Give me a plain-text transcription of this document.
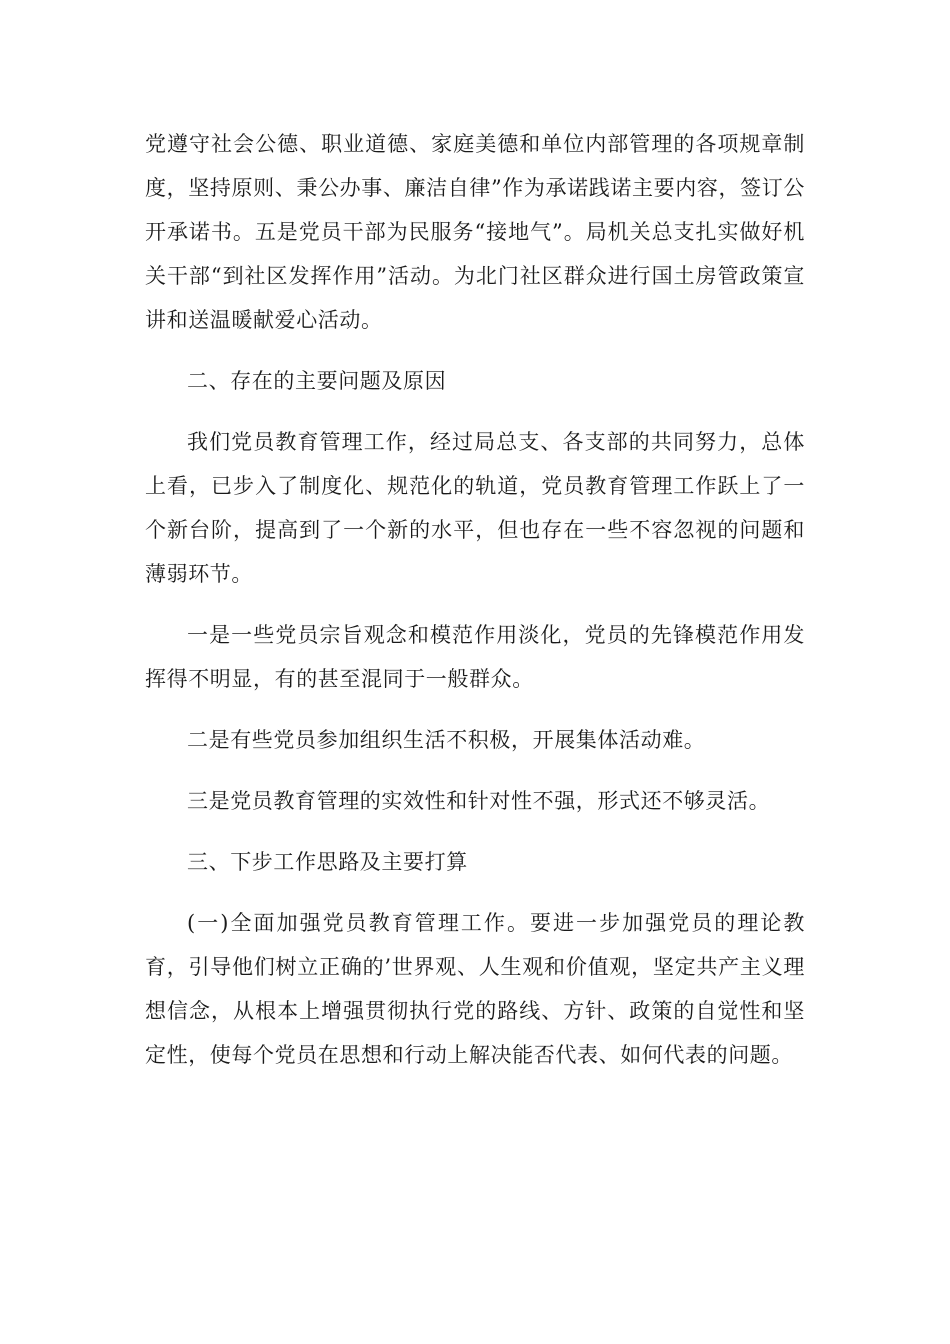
党遵守社会公德、职业道德、家庭美德和单位内部管理的各项规章制度，坚持原则、秉公办事、廉洁自律”作为承诺践诺主要内容，签订公开承诺书。五是党员干部为民服务“接地气”。局机关总支扎实做好机关干部“到社区发挥作用”活动。为北门社区群众进行国土房管政策宣讲和送温暖献爱心活动。

二、存在的主要问题及原因

我们党员教育管理工作，经过局总支、各支部的共同努力，总体上看，已步入了制度化、规范化的轨道，党员教育管理工作跃上了一个新台阶，提高到了一个新的水平，但也存在一些不容忽视的问题和薄弱环节。

一是一些党员宗旨观念和模范作用淡化，党员的先锋模范作用发挥得不明显，有的甚至混同于一般群众。

二是有些党员参加组织生活不积极，开展集体活动难。

三是党员教育管理的实效性和针对性不强，形式还不够灵活。

三、下步工作思路及主要打算

(一)全面加强党员教育管理工作。要进一步加强党员的理论教育，引导他们树立正确的’世界观、人生观和价值观，坚定共产主义理想信念，从根本上增强贯彻执行党的路线、方针、政策的自觉性和坚定性，使每个党员在思想和行动上解决能否代表、如何代表的问题。
